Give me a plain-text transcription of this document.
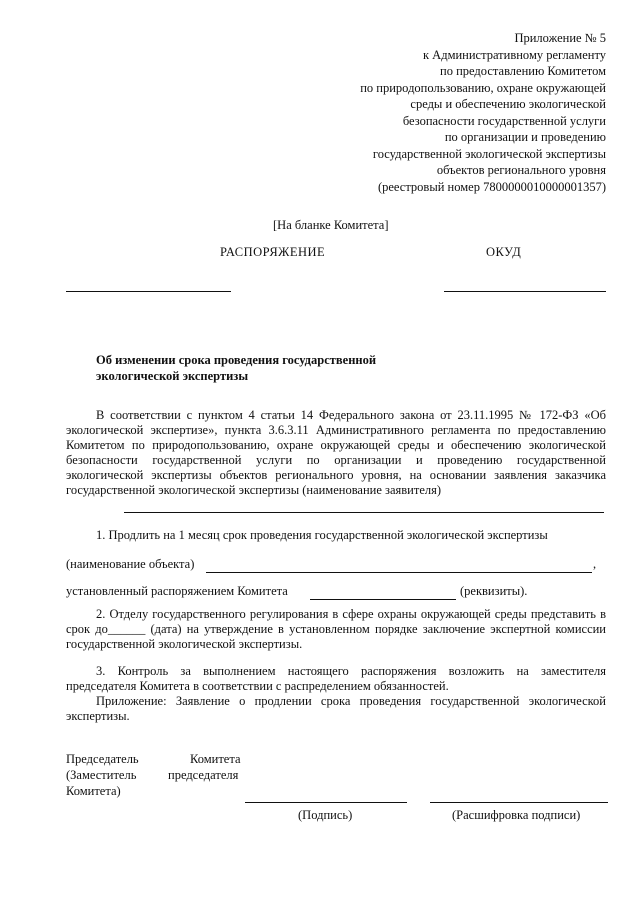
Приложение № 5
к Административному регламенту
по предоставлению Комитетом
по природопользованию, охране окружающей
среды и обеспечению экологической
безопасности государственной услуги
по организации и проведению
государственной экологической экспертизы
объектов регионального уровня
(реестровый номер 7800000010000001357)
[На бланке Комитета]
РАСПОРЯЖЕНИЕ	ОКУД
Об изменении срока проведения государственной
экологической экспертизы
В соответствии с пунктом 4 статьи 14 Федерального закона от 23.11.1995 № 172-ФЗ «Об экологической экспертизе», пункта 3.6.3.11 Административного регламента по предоставлению Комитетом по природопользованию, охране окружающей среды и обеспечению экологической безопасности государственной услуги по организации и проведению государственной экологической экспертизы объектов регионального уровня, на основании заявления заказчика государственной экологической экспертизы (наименование заявителя)
1. Продлить на 1 месяц срок проведения государственной экологической экспертизы
(наименование объекта)	,
установленный распоряжением Комитета	(реквизиты).
2. Отделу государственного регулирования в сфере охраны окружающей среды представить в срок до______ (дата) на утверждение в установленном порядке заключение экспертной комиссии государственной экологической экспертизы.
3. Контроль за выполнением настоящего распоряжения возложить на заместителя председателя Комитета в соответствии с распределением обязанностей.
Приложение: Заявление о продлении срока проведения государственной экологической экспертизы.
Председатель	Комитета
(Заместитель	председателя
Комитета)
(Подпись)	(Расшифровка подписи)
